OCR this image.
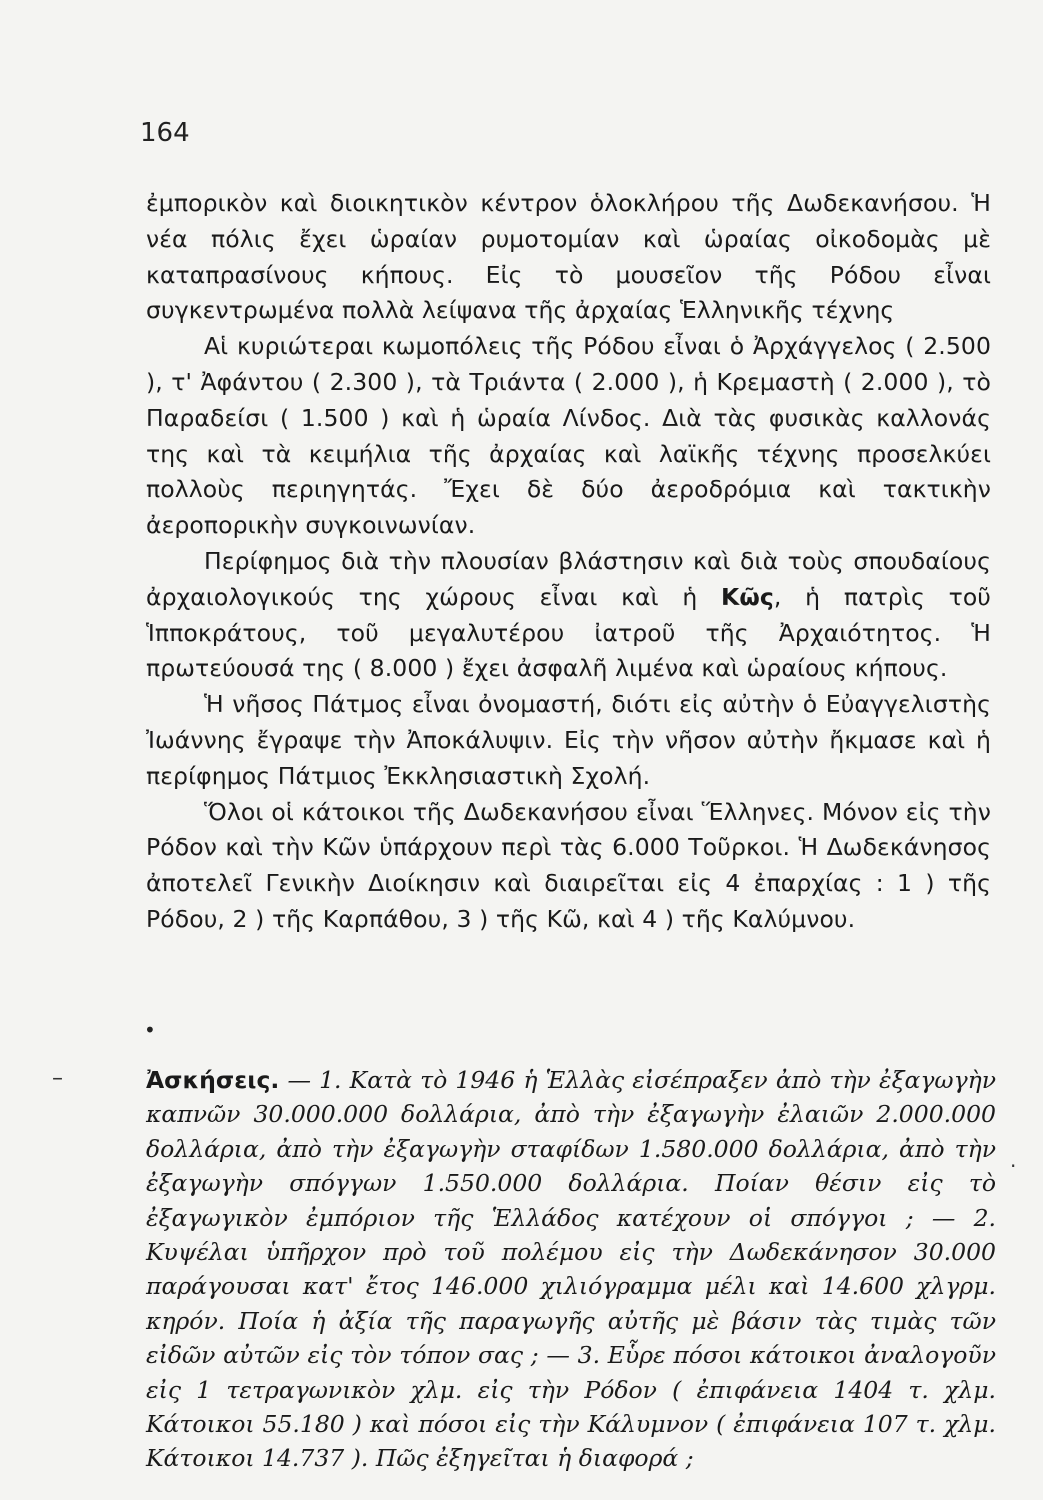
164

ἐμπορικὸν καὶ διοικητικὸν κέντρον ὁλοκλήρου τῆς Δωδεκανήσου. Ἡ νέα πόλις ἔχει ὡραίαν ρυμοτομίαν καὶ ὡραίας οἰκοδομὰς μὲ καταπρασίνους κήπους. Εἰς τὸ μουσεῖον τῆς Ρόδου εἶναι συγκεντρωμένα πολλὰ λείψανα τῆς ἀρχαίας Ἑλληνικῆς τέχνης

Αἱ κυριώτεραι κωμοπόλεις τῆς Ρόδου εἶναι ὁ Ἀρχάγγελος ( 2.500 ), τ' Ἀφάντου ( 2.300 ), τὰ Τριάντα ( 2.000 ), ἡ Κρεμαστὴ ( 2.000 ), τὸ Παραδείσι ( 1.500 ) καὶ ἡ ὡραία Λίνδος. Διὰ τὰς φυσικὰς καλλονάς της καὶ τὰ κειμήλια τῆς ἀρχαίας καὶ λαϊκῆς τέχνης προσελκύει πολλοὺς περιηγητάς. Ἔχει δὲ δύο ἀεροδρόμια καὶ τακτικὴν ἀεροπορικὴν συγκοινωνίαν.

Περίφημος διὰ τὴν πλουσίαν βλάστησιν καὶ διὰ τοὺς σπουδαίους ἀρχαιολογικούς της χώρους εἶναι καὶ ἡ Κῶς, ἡ πατρὶς τοῦ Ἱπποκράτους, τοῦ μεγαλυτέρου ἰατροῦ τῆς Ἀρχαιότητος. Ἡ πρωτεύουσά της ( 8.000 ) ἔχει ἀσφαλῆ λιμένα καὶ ὡραίους κήπους.

Ἡ νῆσος Πάτμος εἶναι ὀνομαστή, διότι εἰς αὐτὴν ὁ Εὐαγγελιστὴς Ἰωάννης ἔγραψε τὴν Ἀποκάλυψιν. Εἰς τὴν νῆσον αὐτὴν ἤκμασε καὶ ἡ περίφημος Πάτμιος Ἐκκλησιαστικὴ Σχολή.

Ὅλοι οἱ κάτοικοι τῆς Δωδεκανήσου εἶναι Ἕλληνες. Μόνον εἰς τὴν Ρόδον καὶ τὴν Κῶν ὑπάρχουν περὶ τὰς 6.000 Τοῦρκοι. Ἡ Δωδεκάνησος ἀποτελεῖ Γενικὴν Διοίκησιν καὶ διαιρεῖται εἰς 4 ἐπαρχίας : 1 ) τῆς Ρόδου, 2 ) τῆς Καρπάθου, 3 ) τῆς Κῶ, καὶ 4 ) τῆς Καλύμνου.

•
–
.
Ἀσκήσεις. — 1. Κατὰ τὸ 1946 ἡ Ἑλλὰς εἰσέπραξεν ἀπὸ τὴν ἐξαγωγὴν καπνῶν 30.000.000 δολλάρια, ἀπὸ τὴν ἐξαγωγὴν ἐλαιῶν 2.000.000 δολλάρια, ἀπὸ τὴν ἐξαγωγὴν σταφίδων 1.580.000 δολλάρια, ἀπὸ τὴν ἐξαγωγὴν σπόγγων 1.550.000 δολλάρια. Ποίαν θέσιν εἰς τὸ ἐξαγωγικὸν ἐμπόριον τῆς Ἑλλάδος κατέχουν οἱ σπόγγοι ; — 2. Κυψέλαι ὑπῆρχον πρὸ τοῦ πολέμου εἰς τὴν Δωδεκάνησον 30.000 παράγουσαι κατ' ἔτος 146.000 χιλιόγραμμα μέλι καὶ 14.600 χλγρμ. κηρόν. Ποία ἡ ἀξία τῆς παραγωγῆς αὐτῆς μὲ βάσιν τὰς τιμὰς τῶν εἰδῶν αὐτῶν εἰς τὸν τόπον σας ; — 3. Εὗρε πόσοι κάτοικοι ἀναλογοῦν εἰς 1 τετραγωνικὸν χλμ. εἰς τὴν Ρόδον ( ἐπιφάνεια 1404 τ. χλμ. Κάτοικοι 55.180 ) καὶ πόσοι εἰς τὴν Κάλυμνον ( ἐπιφάνεια 107 τ. χλμ. Κάτοικοι 14.737 ). Πῶς ἐξηγεῖται ἡ διαφορά ;
